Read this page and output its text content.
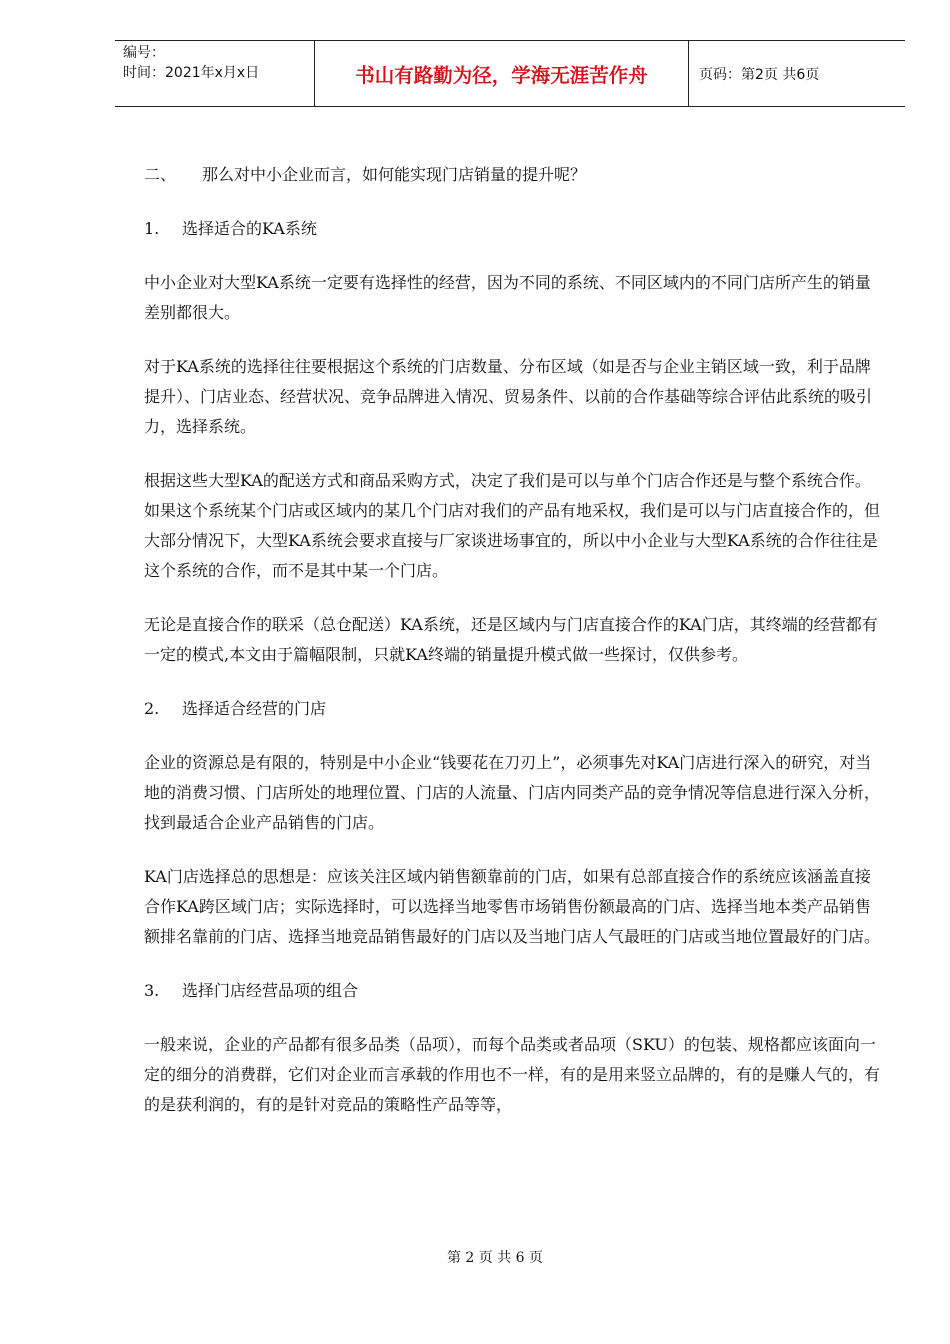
编号：
时间：2021年x月x日	书山有路勤为径，学海无涯苦作舟	页码：第2页 共6页
二、 那么对中小企业而言，如何能实现门店销量的提升呢？
1. 选择适合的KA系统

中小企业对大型KA系统一定要有选择性的经营，因为不同的系统、不同区域内的不同门店所产生的销量差别都很大。

对于KA系统的选择往往要根据这个系统的门店数量、分布区域（如是否与企业主销区域一致，利于品牌提升）、门店业态、经营状况、竞争品牌进入情况、贸易条件、以前的合作基础等综合评估此系统的吸引力，选择系统。

根据这些大型KA的配送方式和商品采购方式，决定了我们是可以与单个门店合作还是与整个系统合作。如果这个系统某个门店或区域内的某几个门店对我们的产品有地采权，我们是可以与门店直接合作的，但大部分情况下，大型KA系统会要求直接与厂家谈进场事宜的，所以中小企业与大型KA系统的合作往往是这个系统的合作，而不是其中某一个门店。

无论是直接合作的联采（总仓配送）KA系统，还是区域内与门店直接合作的KA门店，其终端的经营都有一定的模式,本文由于篇幅限制，只就KA终端的销量提升模式做一些探讨，仅供参考。

2. 选择适合经营的门店

企业的资源总是有限的，特别是中小企业“钱要花在刀刃上”，必须事先对KA门店进行深入的研究，对当地的消费习惯、门店所处的地理位置、门店的人流量、门店内同类产品的竞争情况等信息进行深入分析，找到最适合企业产品销售的门店。

KA门店选择总的思想是：应该关注区域内销售额靠前的门店，如果有总部直接合作的系统应该涵盖直接合作KA跨区域门店；实际选择时，可以选择当地零售市场销售份额最高的门店、选择当地本类产品销售额排名靠前的门店、选择当地竞品销售最好的门店以及当地门店人气最旺的门店或当地位置最好的门店。

3. 选择门店经营品项的组合

一般来说，企业的产品都有很多品类（品项），而每个品类或者品项（SKU）的包装、规格都应该面向一定的细分的消费群，它们对企业而言承载的作用也不一样，有的是用来竖立品牌的，有的是赚人气的，有的是获利润的，有的是针对竞品的策略性产品等等，

第 2 页 共 6 页
